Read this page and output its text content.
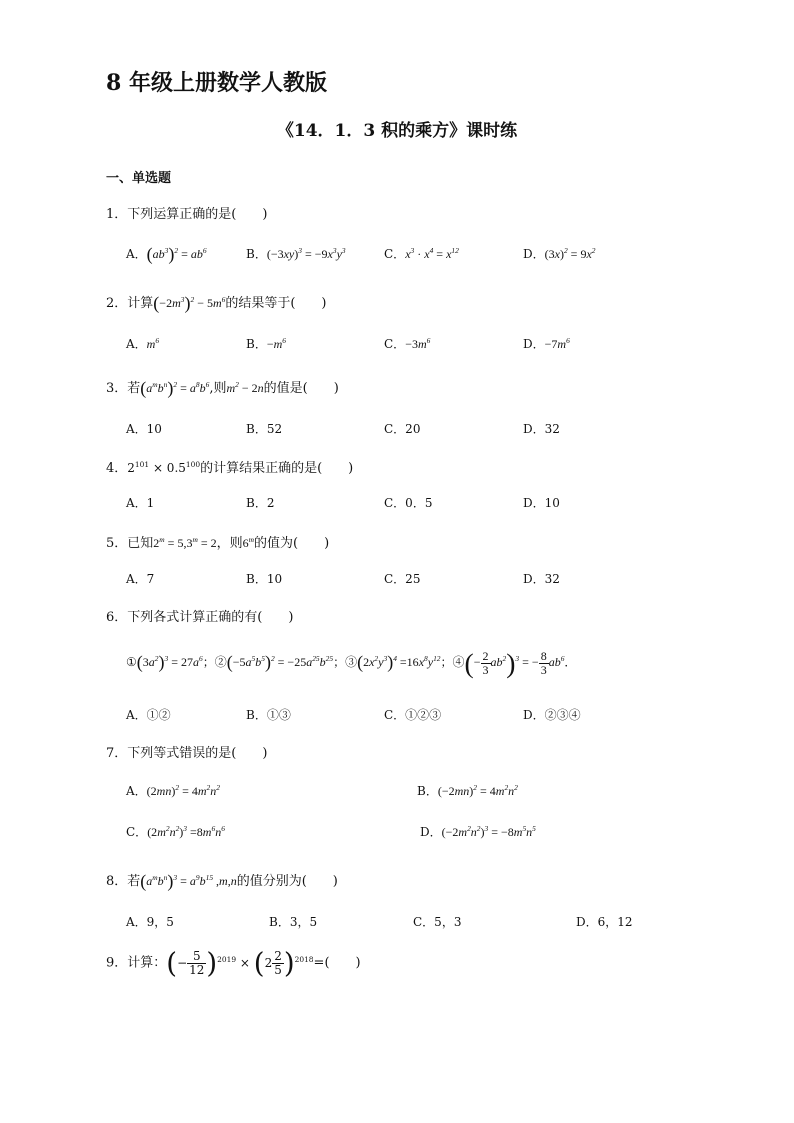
8 年级上册数学人教版
《14．1．3 积的乘方》课时练
一、单选题
1．下列运算正确的是(　　)
A．$(ab^3)^2 = ab^6$	B．$(-3xy)^3 = -9x^3y^3$	C．$x^3 \cdot x^4 = x^{12}$	D．$(3x)^2 = 9x^2$
2．计算$(-2m^3)^2 - 5m^6$的结果等于(　　)
A．$m^6$	B．$-m^6$	C．$-3m^6$	D．$-7m^6$
3．若$(a^mb^n)^2 = a^8b^6$,则$m^2 - 2n$的值是(　　)
A．10	B．52	C．20	D．32
4．$2^{101} \times 0.5^{100}$的计算结果正确的是(　　)
A．1	B．2	C．0．5	D．10
5．已知$2^m = 5,3^m = 2$，则6$^m$的值为(　　)
A．7	B．10	C．25	D．32
6．下列各式计算正确的有(　　)
$①(3a^2)^3 = 27a^6$；$②(-5a^5b^5)^2 = -25a^{25}b^{25}$；$③(2x^2y^3)^4 =16x^8y^{12}$；④(− $\frac{2}{3} ab^2)^3$ = − $\frac{8}{3} ab^6$．
A．①②	B．①③	C．①②③	D．②③④
7．下列等式错误的是(　　)
A．$(2mn)^2 = 4m^2n^2$	B．$(-2mn)^2 = 4m^2n^2$
C．$(2m^2n^2)^3 =8m^6n^6$	D．$(-2m^2n^2)^3 = -8m^5n^5$
8．若$(a^mb^n)^3 = a^9b^{15}$ ,m,n的值分别为(　　)
A．9，5	B．3，5	C．5，3	D．6，12
9．计算：(− $\frac{5}{12} )^{2019} \times (2 \frac{2}{5} )^{2018}=$(　　)
